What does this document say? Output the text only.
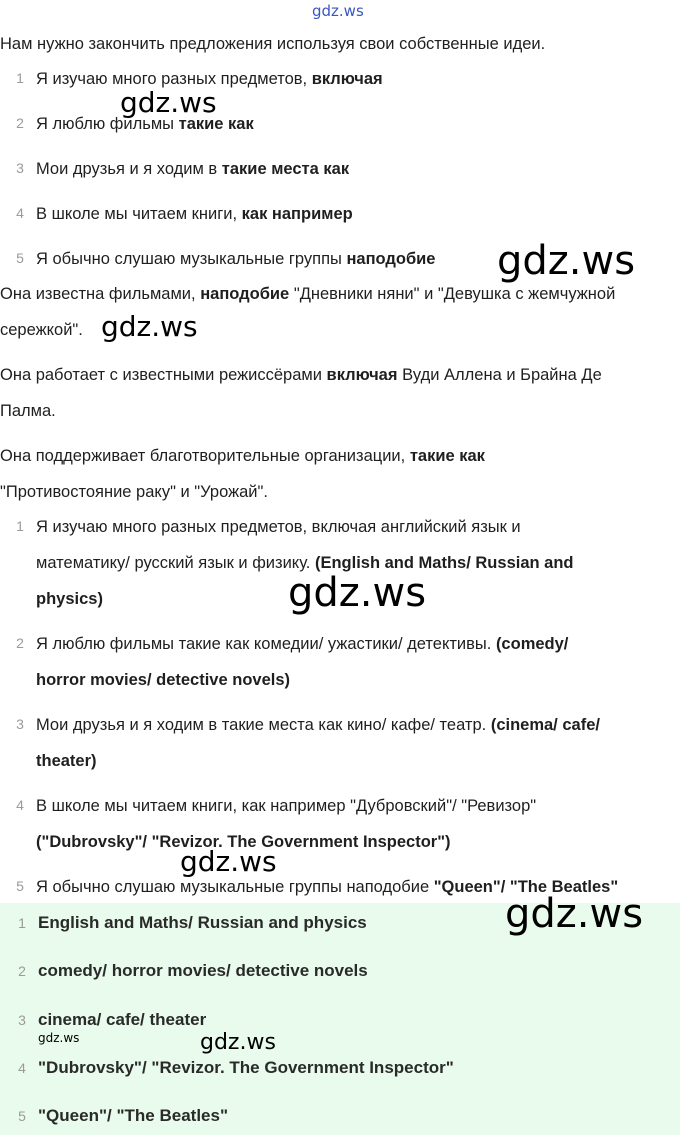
gdz.ws
gdz.ws
gdz.ws
gdz.ws
gdz.ws
gdz.ws
Нам нужно закончить предложения используя свои собственные идеи.
1 Я изучаю много разных предметов, включая
2 Я люблю фильмы такие как
3 Мои друзья и я ходим в такие места как
4 В школе мы читаем книги, как например
5 Я обычно слушаю музыкальные группы наподобие
Она известна фильмами, наподобие "Дневники няни" и "Девушка с жемчужной
сережкой".
Она работает с известными режиссёрами включая Вуди Аллена и Брайна Де
Палма.
Она поддерживает благотворительные организации, такие как
"Противостояние раку" и "Урожай".
1 Я изучаю много разных предметов, включая английский язык и
математику/ русский язык и физику. (English and Maths/ Russian and
physics)
2 Я люблю фильмы такие как комедии/ ужастики/ детективы. (comedy/
horror movies/ detective novels)
3 Мои друзья и я ходим в такие места как кино/ кафе/ театр. (cinema/ cafe/
theater)
4 В школе мы читаем книги, как например "Дубровский"/ "Ревизор"
("Dubrovsky"/ "Revizor. The Government Inspector")
5 Я обычно слушаю музыкальные группы наподобие "Queen"/ "The Beatles"
1 English and Maths/ Russian and physics
2 comedy/ horror movies/ detective novels
3 cinema/ cafe/ theater
4 "Dubrovsky"/ "Revizor. The Government Inspector"
5 "Queen"/ "The Beatles"
gdz.ws
gdz.ws	gdz.ws
